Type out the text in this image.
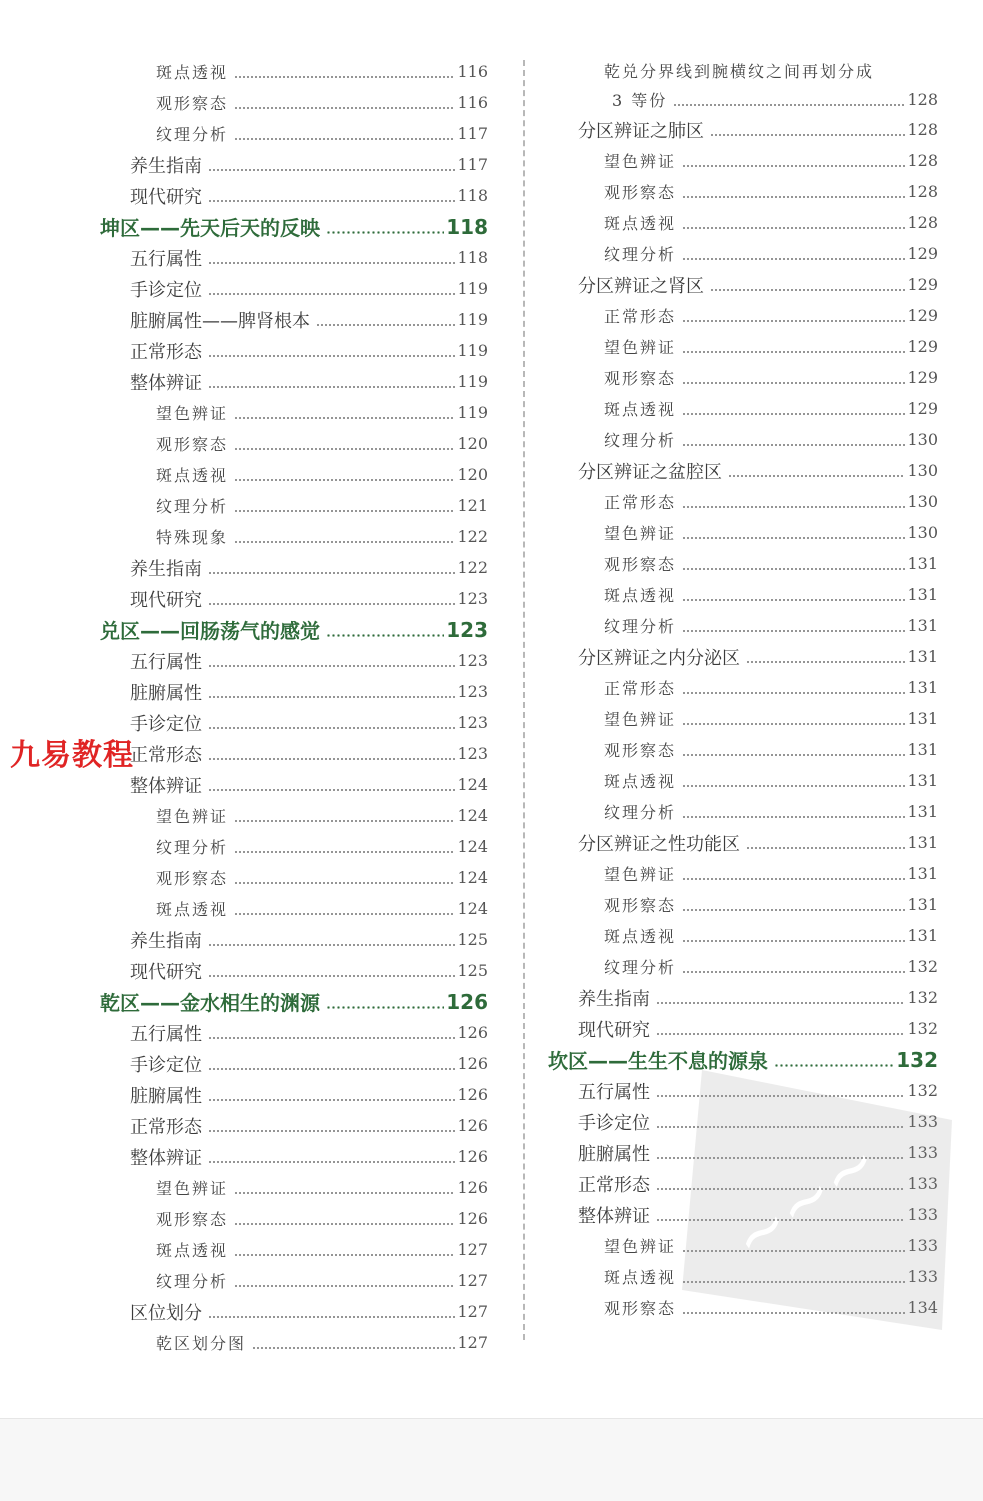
斑点透视	116
观形察态	116
纹理分析	117
养生指南	117
现代研究	118
坤区——先天后天的反映	118
五行属性	118
手诊定位	119
脏腑属性——脾肾根本	119
正常形态	119
整体辨证	119
望色辨证	119
观形察态	120
斑点透视	120
纹理分析	121
特殊现象	122
养生指南	122
现代研究	123
兑区——回肠荡气的感觉	123
五行属性	123
脏腑属性	123
手诊定位	123
正常形态	123
整体辨证	124
望色辨证	124
纹理分析	124
观形察态	124
斑点透视	124
养生指南	125
现代研究	125
乾区——金水相生的渊源	126
五行属性	126
手诊定位	126
脏腑属性	126
正常形态	126
整体辨证	126
望色辨证	126
观形察态	126
斑点透视	127
纹理分析	127
区位划分	127
乾区划分图	127
乾兑分界线到腕横纹之间再划分成
3 等份	128
分区辨证之肺区	128
望色辨证	128
观形察态	128
斑点透视	128
纹理分析	129
分区辨证之肾区	129
正常形态	129
望色辨证	129
观形察态	129
斑点透视	129
纹理分析	130
分区辨证之盆腔区	130
正常形态	130
望色辨证	130
观形察态	131
斑点透视	131
纹理分析	131
分区辨证之内分泌区	131
正常形态	131
望色辨证	131
观形察态	131
斑点透视	131
纹理分析	131
分区辨证之性功能区	131
望色辨证	131
观形察态	131
斑点透视	131
纹理分析	132
养生指南	132
现代研究	132
坎区——生生不息的源泉	132
五行属性	132
手诊定位	133
脏腑属性	133
正常形态	133
整体辨证	133
望色辨证	133
斑点透视	133
观形察态	134
九易教程
~~~
